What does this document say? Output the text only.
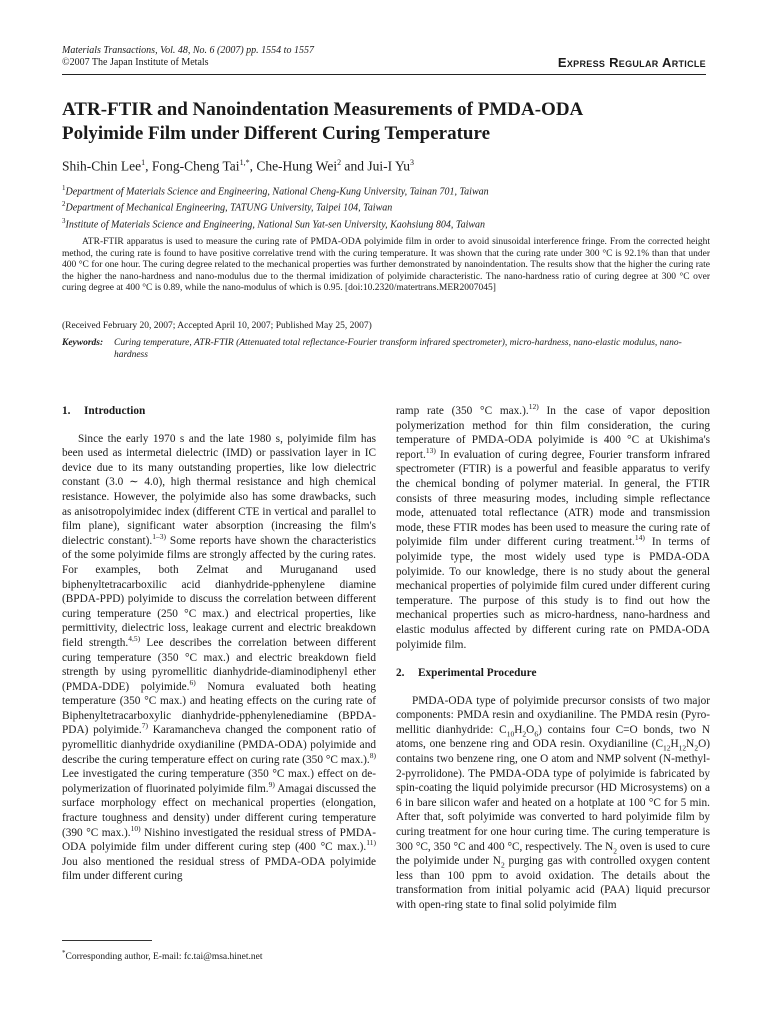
Materials Transactions, Vol. 48, No. 6 (2007) pp. 1554 to 1557
©2007 The Japan Institute of Metals	Express Regular Article
ATR-FTIR and Nanoindentation Measurements of PMDA-ODA
Polyimide Film under Different Curing Temperature
Shih-Chin Lee$^1$, Fong-Cheng Tai$^{1,*}$, Che-Hung Wei$^2$ and Jui-I Yu$^3$
$^1$Department of Materials Science and Engineering, National Cheng-Kung University, Tainan 701, Taiwan
$^2$Department of Mechanical Engineering, TATUNG University, Taipei 104, Taiwan
$^3$Institute of Materials Science and Engineering, National Sun Yat-sen University, Kaohsiung 804, Taiwan
ATR-FTIR apparatus is used to measure the curing rate of PMDA-ODA polyimide film in order to avoid sinusoidal interference fringe. From the corrected height method, the curing rate is found to have positive correlative trend with the curing temperature. It was shown that the curing rate under 300 °C is 92.1% than that under 400 °C for one hour. The curing degree related to the mechanical properties was further demonstrated by nanoindentation. The results show that the higher the curing rate the higher the nano-hardness and nano-modulus due to the thermal imidization of polyimide characteristic. The nano-hardness ratio of curing degree at 300 °C over curing degree at 400 °C is 0.89, while the nano-modulus of which is 0.95. [doi:10.2320/matertrans.MER2007045]
(Received February 20, 2007; Accepted April 10, 2007; Published May 25, 2007)
Keywords:	Curing temperature, ATR-FTIR (Attenuated total reflectance-Fourier transform infrared spectrometer), micro-hardness, nano-elastic modulus, nano-hardness
1. Introduction
Since the early 1970 s and the late 1980 s, polyimide film has been used as intermetal dielectric (IMD) or passivation layer in IC device due to its many outstanding properties, like low dielectric constant (3.0 ∼ 4.0), high thermal resistance and high chemical resistance. However, the polyimide also has some drawbacks, such as anisotropolyimidec index (different CTE in vertical and parallel to film plane), significant water absorption (increasing the film's dielectric constant).$^{1-3)}$ Some reports have shown the characteristics of the some polyimide films are strongly affected by the curing rates. For examples, both Zelmat and Muruganand used biphenyltetracarboxilic acid dianhydride-pphenylene diamine (BPDA-PPD) polyimide to discuss the correlation between different curing temperature (250 °C max.) and electrical properties, like permittivity, dielectric loss, leakage current and electric breakdown field strength.$^{4,5)}$ Lee describes the correlation between different curing temperature (350 °C max.) and electric breakdown field strength by using pyromellitic dianhydride-diaminodiphenyl ether (PMDA-DDE) polyimide.$^{6)}$ Nomura evaluated both heating temperature (350 °C max.) and heating effects on the curing rate of Biphenyltetracarboxylic dianhydride-pphenylenediamine (BPDA-PDA) polyimide.$^{7)}$ Karamancheva changed the component ratio of pyromellitic dianhydride oxydianiline (PMDA-ODA) polyimide and describe the curing temperature effect on curing rate (350 °C max.).$^{8)}$ Lee investigated the curing temperature (350 °C max.) effect on de-polymerization of fluorinated polyimide film.$^{9)}$ Amagai discussed the surface morphology effect on mechanical properties (elongation, fracture toughness and density) under different curing temperature (390 °C max.).$^{10)}$ Nishino investigated the residual stress of PMDA-ODA polyimide film under different curing step (400 °C max.).$^{11)}$ Jou also mentioned the residual stress of PMDA-ODA polyimide film under different curing
ramp rate (350 °C max.).$^{12)}$ In the case of vapor deposition polymerization method for thin film consideration, the curing temperature of PMDA-ODA polyimide is 400 °C at Ukishima's report.$^{13)}$ In evaluation of curing degree, Fourier transform infrared spectrometer (FTIR) is a powerful and feasible apparatus to verify the chemical bonding of polymer material. In general, the FTIR consists of three measuring modes, including simple reflectance mode, attenuated total reflectance (ATR) mode and transmission mode, these FTIR modes has been used to measure the curing rate of polyimide film under different curing treatment.$^{14)}$ In terms of polyimide type, the most widely used type is PMDA-ODA polyimide. To our knowledge, there is no study about the general mechanical properties of polyimide film cured under different curing temperature. The purpose of this study is to find out how the mechanical properties such as micro-hardness, nano-hardness and elastic modulus affected by different curing rate on PMDA-ODA polyimide film.
2. Experimental Procedure
PMDA-ODA type of polyimide precursor consists of two major components: PMDA resin and oxydianiline. The PMDA resin (Pyro-mellitic dianhydride: $C_{10}H_2O_6$) contains four C=O bonds, two N atoms, one benzene ring and ODA resin. Oxydianiline $(C_{12}H_{12}N_2O)$ contains two benzene ring, one O atom and NMP solvent (N-methyl-2-pyrrolidone). The PMDA-ODA type of polyimide is fabricated by spin-coating the liquid polyimide precursor (HD Microsystems) on a 6 in bare silicon wafer and heated on a hotplate at 100 °C for 5 min. After that, soft polyimide was converted to hard polyimide film by curing treatment for one hour curing time. The curing temperature is 300 °C, 350 °C and 400 °C, respectively. The $N_2$ oven is used to cure the polyimide under $N_2$ purging gas with controlled oxygen content less than 100 ppm to avoid oxidation. The details about the transformation from initial polyamic acid (PAA) liquid precursor with open-ring state to final solid polyimide film
*Corresponding author, E-mail: fc.tai@msa.hinet.net
